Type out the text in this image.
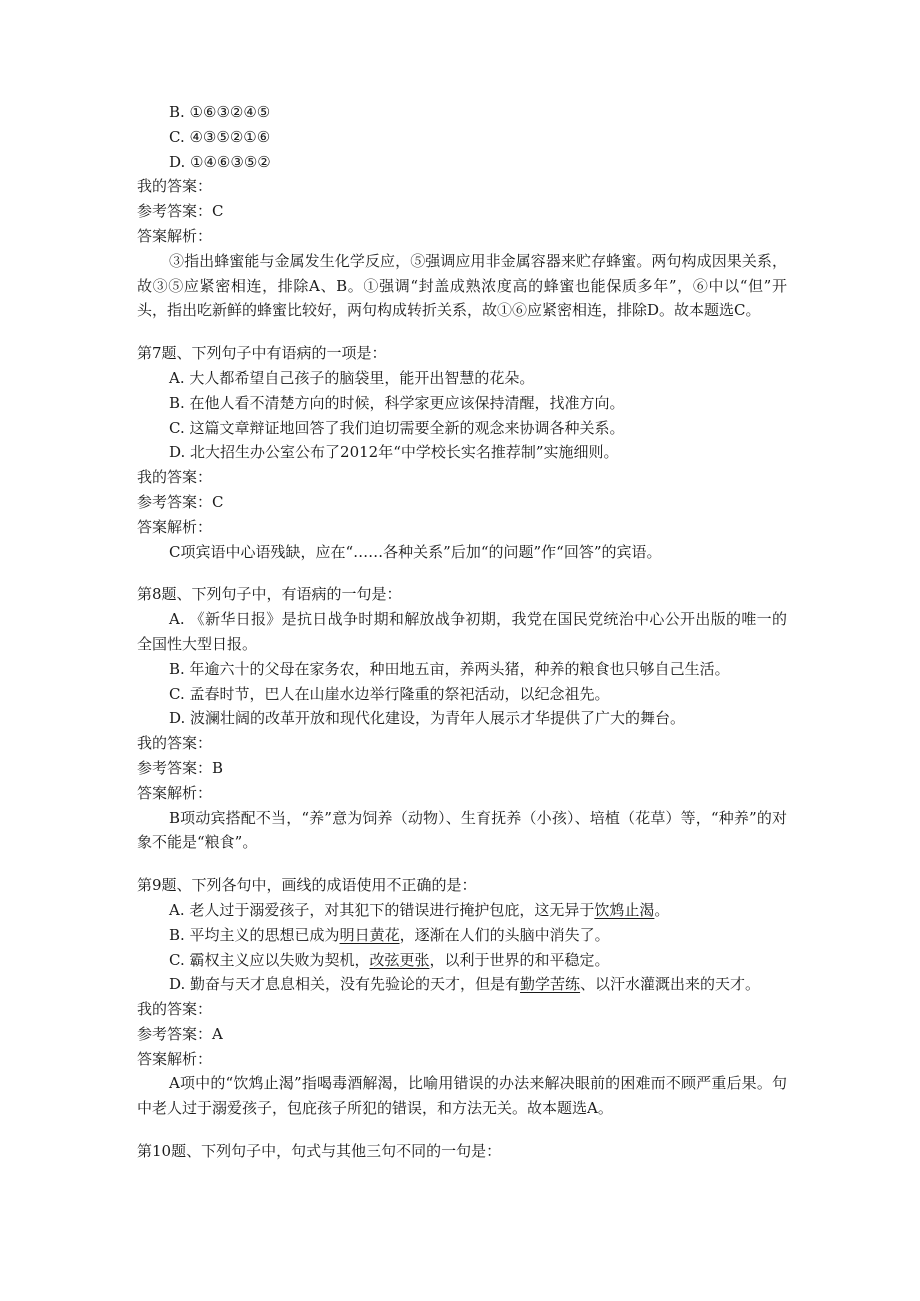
B. ①⑥③②④⑤
C. ④③⑤②①⑥
D. ①④⑥③⑤②
我的答案：
参考答案：C
答案解析：
③指出蜂蜜能与金属发生化学反应，⑤强调应用非金属容器来贮存蜂蜜。两句构成因果关系，故③⑤应紧密相连，排除A、B。①强调“封盖成熟浓度高的蜂蜜也能保质多年”，⑥中以“但”开头，指出吃新鲜的蜂蜜比较好，两句构成转折关系，故①⑥应紧密相连，排除D。故本题选C。
第7题、下列句子中有语病的一项是：
A. 大人都希望自己孩子的脑袋里，能开出智慧的花朵。
B. 在他人看不清楚方向的时候，科学家更应该保持清醒，找准方向。
C. 这篇文章辩证地回答了我们迫切需要全新的观念来协调各种关系。
D. 北大招生办公室公布了2012年“中学校长实名推荐制”实施细则。
我的答案：
参考答案：C
答案解析：
C项宾语中心语残缺，应在“……各种关系”后加“的问题”作“回答”的宾语。
第8题、下列句子中，有语病的一句是：
A. 《新华日报》是抗日战争时期和解放战争初期，我党在国民党统治中心公开出版的唯一的全国性大型日报。
B. 年逾六十的父母在家务农，种田地五亩，养两头猪，种养的粮食也只够自己生活。
C. 孟春时节，巴人在山崖水边举行隆重的祭祀活动，以纪念祖先。
D. 波澜壮阔的改革开放和现代化建设，为青年人展示才华提供了广大的舞台。
我的答案：
参考答案：B
答案解析：
B项动宾搭配不当，“养”意为饲养（动物）、生育抚养（小孩）、培植（花草）等，“种养”的对象不能是“粮食”。
第9题、下列各句中，画线的成语使用不正确的是：
A. 老人过于溺爱孩子，对其犯下的错误进行掩护包庇，这无异于饮鸩止渴。
B. 平均主义的思想已成为明日黄花，逐渐在人们的头脑中消失了。
C. 霸权主义应以失败为契机，改弦更张，以利于世界的和平稳定。
D. 勤奋与天才息息相关，没有先验论的天才，但是有勤学苦练、以汗水灌溉出来的天才。
我的答案：
参考答案：A
答案解析：
A项中的“饮鸩止渴”指喝毒酒解渴，比喻用错误的办法来解决眼前的困难而不顾严重后果。句中老人过于溺爱孩子，包庇孩子所犯的错误，和方法无关。故本题选A。
第10题、下列句子中，句式与其他三句不同的一句是：
